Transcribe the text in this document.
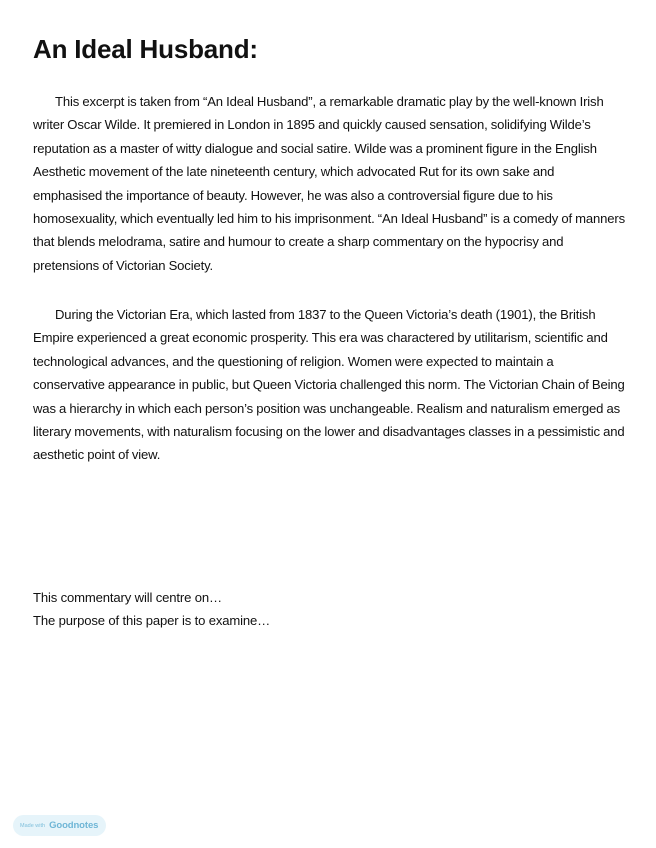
An Ideal Husband:

This excerpt is taken from “An Ideal Husband”, a remarkable dramatic play by the well-known Irish writer Oscar Wilde. It premiered in London in 1895 and quickly caused sensation, solidifying Wilde’s reputation as a master of witty dialogue and social satire. Wilde was a prominent figure in the English Aesthetic movement of the late nineteenth century, which advocated Rut for its own sake and emphasised the importance of beauty. However, he was also a controversial figure due to his homosexuality, which eventually led him to his imprisonment. “An Ideal Husband” is a comedy of manners that blends melodrama, satire and humour to create a sharp commentary on the hypocrisy and pretensions of Victorian Society.

During the Victorian Era, which lasted from 1837 to the Queen Victoria’s death (1901), the British Empire experienced a great economic prosperity. This era was charactered by utilitarism, scientific and technological advances, and the questioning of religion. Women were expected to maintain a conservative appearance in public, but Queen Victoria challenged this norm. The Victorian Chain of Being was a hierarchy in which each person’s position was unchangeable. Realism and naturalism emerged as literary movements, with naturalism focusing on the lower and disadvantages classes in a pessimistic and aesthetic point of view.

This commentary will centre on…

The purpose of this paper is to examine…

Made with Goodnotes
